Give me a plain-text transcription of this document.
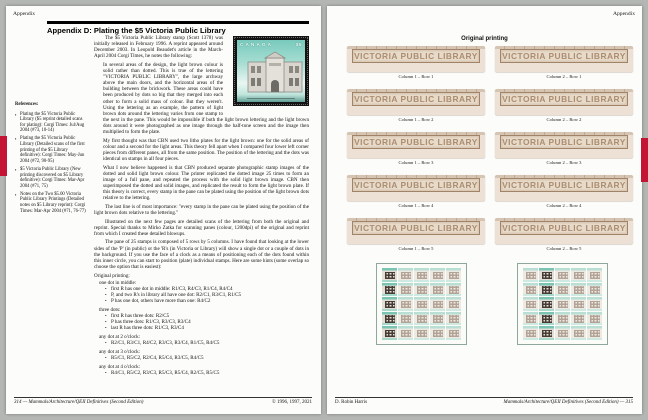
Appendix
Appendix D: Plating the $5 Victoria Public Library
References:
▪ Plating the $5 Victoria Public Library ($5 reprint detailed scans for plating): Corgi Times: Jul/Aug 2004 (#73, 10-14)
▪ Plating the $5 Victoria Public Library (Detailed scans of the first printing of the $5 Library definitive): Corgi Times: May-Jun 2004 (#72, 90-95)
▪ $5 Victoria Public Library (New printing discovered on $5 Library definitive): Corgi Times: Mar-Apr 2004 (#71, 75)
▪ Notes on the Two $5.00 Victoria Public Library Printings (Detailed notes on $5 Library reprint): Corgi Times: Mar-Apr 2004 (#71, 76-77)
CANADA	$5

The $5 Victoria Public Library stamp (Scott 1378) was initially released in February 1996. A reprint appeared around December 2003. In Leopold Beaudet's article in the March-April 2004 Corgi Times, he notes the following:

In several areas of the design, the light brown colour is solid rather than dotted. This is true of the lettering "VICTORIA PUBLIC LIBRARY", the large archway above the main doors, and the horizontal areas of the building between the brickwork. These areas could have been produced by dots so big that they merged into each other to form a solid mass of colour. But they weren't. Using the lettering as an example, the pattern of light brown dots around the lettering varies from one stamp to the next in the pane. This would be impossible if both the light brown lettering and the light brown dots around it were photographed as one image through the half-tone screen and the image then multiplied to form the plate.

My first thought was that CBN used two litho plates for the light brown: one for the solid areas of colour and a second for the light areas. This theory fell apart when I compared four lower left corner pieces from different panes, all from the same position. The position of the lettering and the dots was identical on stamps in all four pieces.

What I now believe happened is that CBN produced separate photographic stamp images of the dotted and solid light brown colour. The printer replicated the dotted image 25 times to form an image of a full pane, and repeated the process with the solid light brown image. CBN then superimposed the dotted and solid images, and replicated the result to form the light brown plate. If this theory is correct, every stamp in the pane can be plated using the position of the light brown dots relative to the lettering.

The last line is of most importance: "every stamp in the pane can be plated using the position of the light brown dots relative to the lettering."

Illustrated on the next few pages are detailed scans of the lettering from both the original and reprint. Special thanks to Mirko Zatka for scanning panes (colour, 1200dpi) of the original and reprint from which I created these detailed blowups.

The pane of 25 stamps is composed of 5 rows by 5 columns. I have found that looking at the lower sides of the 'P' (in public) or the 'R's (in Victoria or Library) will show a single dot or a couple of dots in the background. If you use the face of a clock as a means of positioning each of the dots found within this inner circle, you can start to position (plate) individual stamps. Here are some hints (some overlap so choose the option that is easiest):

Original printing:

one dot in middle:
• first R has one dot in middle: R1/C3, R4/C3, R1/C4, R4/C4
• P, and two R's in library all have one dot: R2/C1, R3/C1, R1/C5
• P has one dot, others have more than one: R4/C2
three dots:
• first R has three dots: R2/C5
• P has three dots: R1/C3, R3/C3, R3/C4
• last R has three dots: R1/C3, R3/C4
any dot at 2 o'clock:
• R2/C1, R3/C1, R4/C2, R3/C3, R3/C4, R1/C5, R4/C5
any dot at 3 o'clock:
• R5/C1, R5/C2, R2/C4, R5/C4, R3/C5, R4/C5
any dot at 4 o'clock:
• R4/C1, R5/C2, R3/C3, R5/C3, R5/C4, R2/C5, R5/C5
314 — Mammals/Architecture/QEII Definitives (Second Edition)	© 1996, 1997, 2021
Appendix
Original printing
VICTORIA PUBLIC LIBRARY
Column 1 – Row 1
VICTORIA PUBLIC LIBRARY
Column 2 – Row 1
VICTORIA PUBLIC LIBRARY
Column 1 – Row 2
VICTORIA PUBLIC LIBRARY
Column 2 – Row 2
VICTORIA PUBLIC LIBRARY
Column 1 – Row 3
VICTORIA PUBLIC LIBRARY
Column 2 – Row 3
VICTORIA PUBLIC LIBRARY
Column 1 – Row 4
VICTORIA PUBLIC LIBRARY
Column 2 – Row 4
VICTORIA PUBLIC LIBRARY
Column 1 – Row 5
VICTORIA PUBLIC LIBRARY
Column 2 – Row 5
D. Robin Harris	Mammals/Architecture/QEII Definitives (Second Edition) — 315
